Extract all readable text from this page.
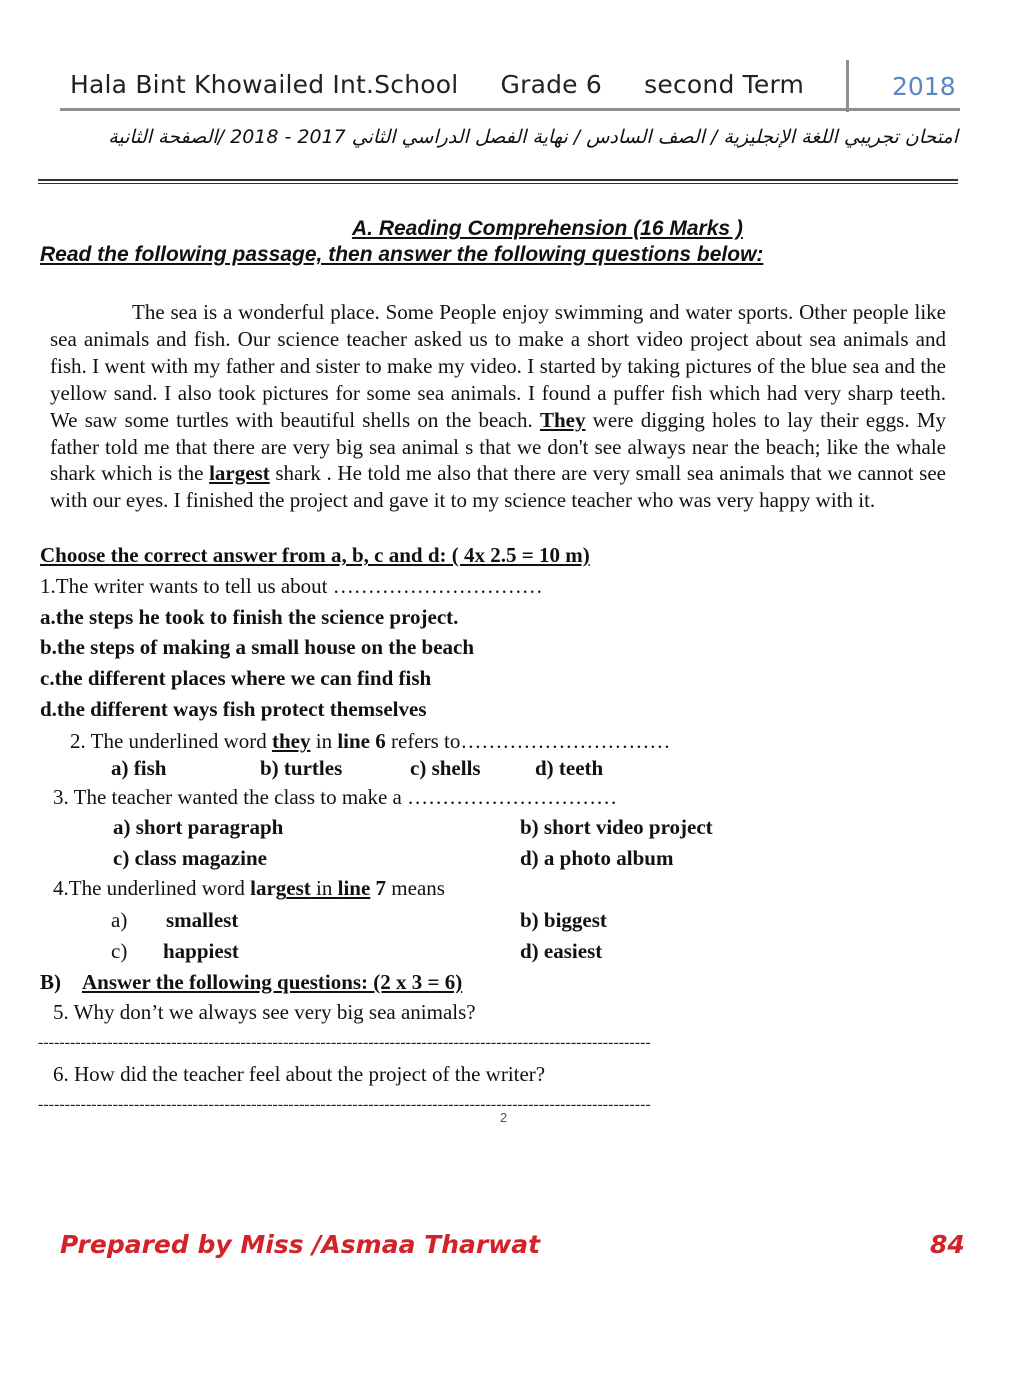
Hala Bint Khowailed Int.School Grade 6 second Term	2018
امتحان تجريبي اللغة الإنجليزية / الصف السادس / نهاية الفصل الدراسي الثاني 2017 - 2018 /الصفحة الثانية
A. Reading Comprehension (16 Marks )
Read the following passage, then answer the following questions below:
The sea is a wonderful place. Some People enjoy swimming and water sports. Other people like sea animals and fish. Our science teacher asked us to make a short video project about sea animals and fish. I went with my father and sister to make my video. I started by taking pictures of the blue sea and the yellow sand. I also took pictures for some sea animals. I found a puffer fish which had very sharp teeth. We saw some turtles with beautiful shells on the beach. They were digging holes to lay their eggs. My father told me that there are very big sea animal s that we don't see always near the beach; like the whale shark which is the largest shark . He told me also that there are very small sea animals that we cannot see with our eyes. I finished the project and gave it to my science teacher who was very happy with it.
Choose the correct answer from a, b, c and d: ( 4x 2.5 = 10 m)
1.The writer wants to tell us about …………………………
a.the steps he took to finish the science project.
b.the steps of making a small house on the beach
c.the different places where we can find fish
d.the different ways fish protect themselves
2. The underlined word they in line 6 refers to…………………………
a) fish	b) turtles	c) shells	d) teeth
3. The teacher wanted the class to make a …………………………
a) short paragraph	b) short video project
c) class magazine	d) a photo album
4.The underlined word largest in line 7 means
a) smallest	b) biggest
c) happiest	d) easiest
B) Answer the following questions: (2 x 3 = 6)
5. Why don’t we always see very big sea animals?
-------------------------------------------------------------------------------------------------------------------
6. How did the teacher feel about the project of the writer?
-------------------------------------------------------------------------------------------------------------------
2
Prepared by Miss /Asmaa Tharwat	84
